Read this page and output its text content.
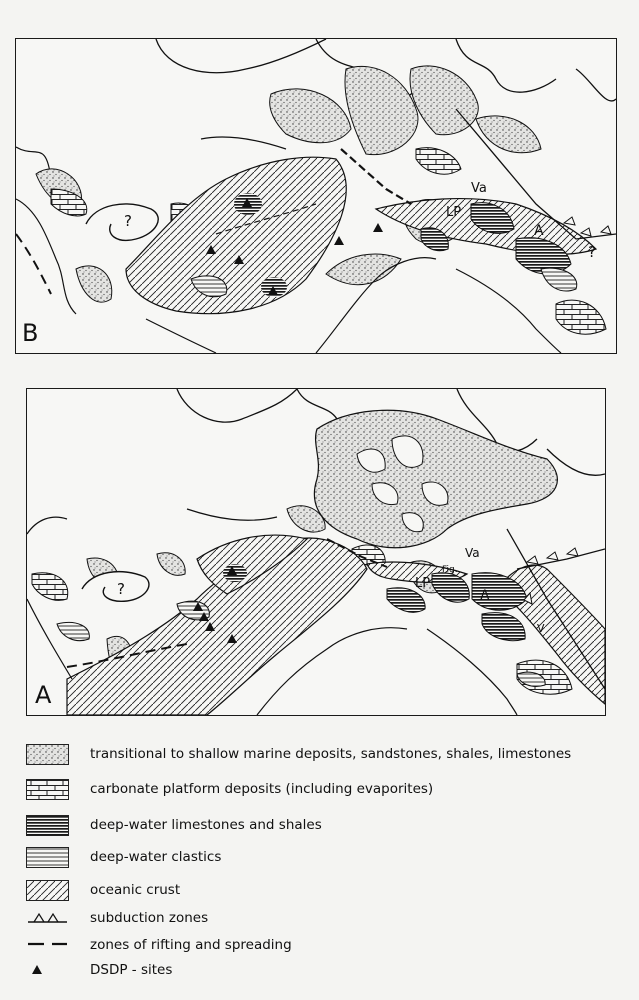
Va
LP
A
?
?
B
Va
Fig.
LP
A
V
?
A
transitional to shallow marine deposits, sandstones, shales, limestones
carbonate platform deposits (including evaporites)
deep-water limestones and shales
deep-water clastics
oceanic crust
subduction zones
zones of rifting and spreading
DSDP - sites
